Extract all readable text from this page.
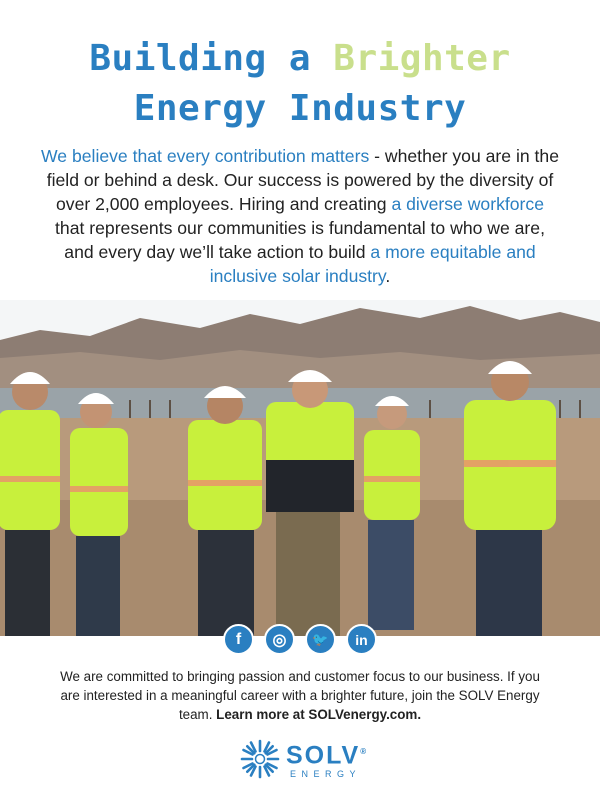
Building a Brighter
Energy Industry

We believe that every contribution matters - whether you are in the field or behind a desk. Our success is powered by the diversity of over 2,000 employees. Hiring and creating a diverse workforce that represents our communities is fundamental to who we are, and every day we’ll take action to build a more equitable and inclusive solar industry.

f	◎	🐦	in

We are committed to bringing passion and customer focus to our business. If you are interested in a meaningful career with a brighter future, join the SOLV Energy team. Learn more at SOLVenergy.com.

SOLV®
ENERGY
